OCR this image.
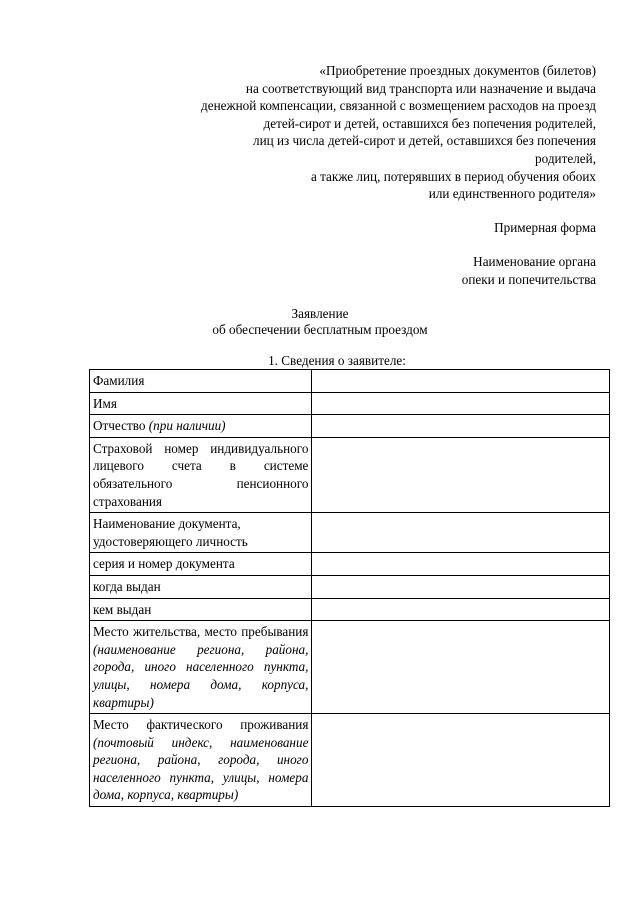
«Приобретение проездных документов (билетов)
на соответствующий вид транспорта или назначение и выдача
денежной компенсации, связанной с возмещением расходов на проезд
детей-сирот и детей, оставшихся без попечения родителей,
лиц из числа детей-сирот и детей, оставшихся без попечения
родителей,
а также лиц, потерявших в период обучения обоих
или единственного родителя»
Примерная форма
Наименование органа
опеки и попечительства
Заявление
об обеспечении бесплатным проездом
1. Сведения о заявителе:
Фамилия	
Имя	
Отчество (при наличии)	
Страховой номер индивидуального лицевого счета в системе обязательного пенсионного страхования	
Наименование документа, удостоверяющего личность	
серия и номер документа	
когда выдан	
кем выдан	
Место жительства, место пребывания (наименование региона, района, города, иного населенного пункта, улицы, номера дома, корпуса, квартиры)	
Место фактического проживания (почтовый индекс, наименование региона, района, города, иного населенного пункта, улицы, номера дома, корпуса, квартиры)	
